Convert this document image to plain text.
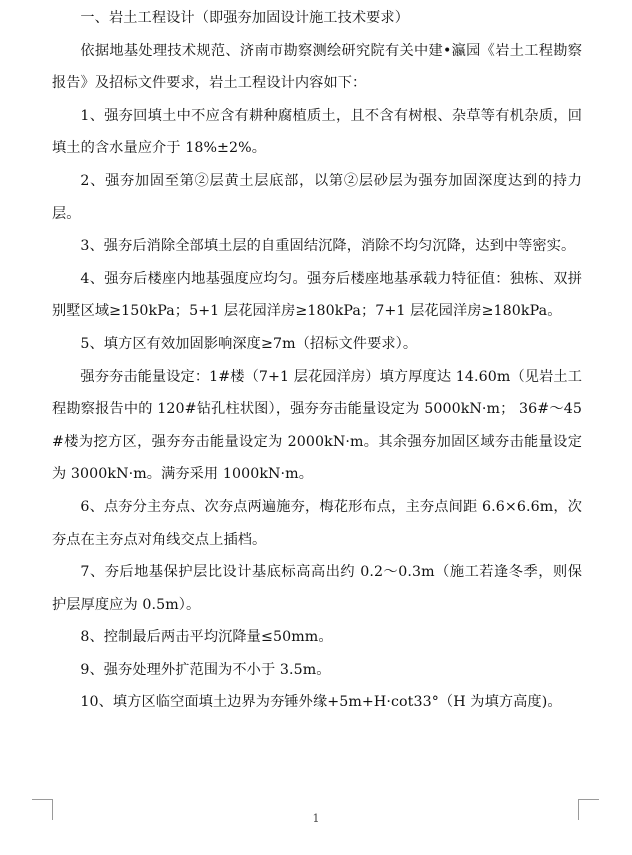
一、岩土工程设计（即强夯加固设计施工技术要求）

依据地基处理技术规范、济南市勘察测绘研究院有关中建•瀛园《岩土工程勘察报告》及招标文件要求，岩土工程设计内容如下：

1、强夯回填土中不应含有耕种腐植质土，且不含有树根、杂草等有机杂质，回填土的含水量应介于 18%±2%。

2、强夯加固至第②层黄土层底部，以第②层砂层为强夯加固深度达到的持力层。

3、强夯后消除全部填土层的自重固结沉降，消除不均匀沉降，达到中等密实。

4、强夯后楼座内地基强度应均匀。强夯后楼座地基承载力特征值：独栋、双拼别墅区域≥150kPa；5+1 层花园洋房≥180kPa；7+1 层花园洋房≥180kPa。

5、填方区有效加固影响深度≥7m（招标文件要求）。

强夯夯击能量设定：1#楼（7+1 层花园洋房）填方厚度达 14.60m（见岩土工程勘察报告中的 120#钻孔柱状图），强夯夯击能量设定为 5000kN·m； 36#～45#楼为挖方区，强夯夯击能量设定为 2000kN·m。其余强夯加固区域夯击能量设定为 3000kN·m。满夯采用 1000kN·m。

6、点夯分主夯点、次夯点两遍施夯，梅花形布点，主夯点间距 6.6×6.6m，次夯点在主夯点对角线交点上插档。

7、夯后地基保护层比设计基底标高高出约 0.2～0.3m（施工若逢冬季，则保护层厚度应为 0.5m）。

8、控制最后两击平均沉降量≤50mm。

9、强夯处理外扩范围为不小于 3.5m。

10、填方区临空面填土边界为夯锤外缘+5m+H·cot33°（H 为填方高度)。

1
